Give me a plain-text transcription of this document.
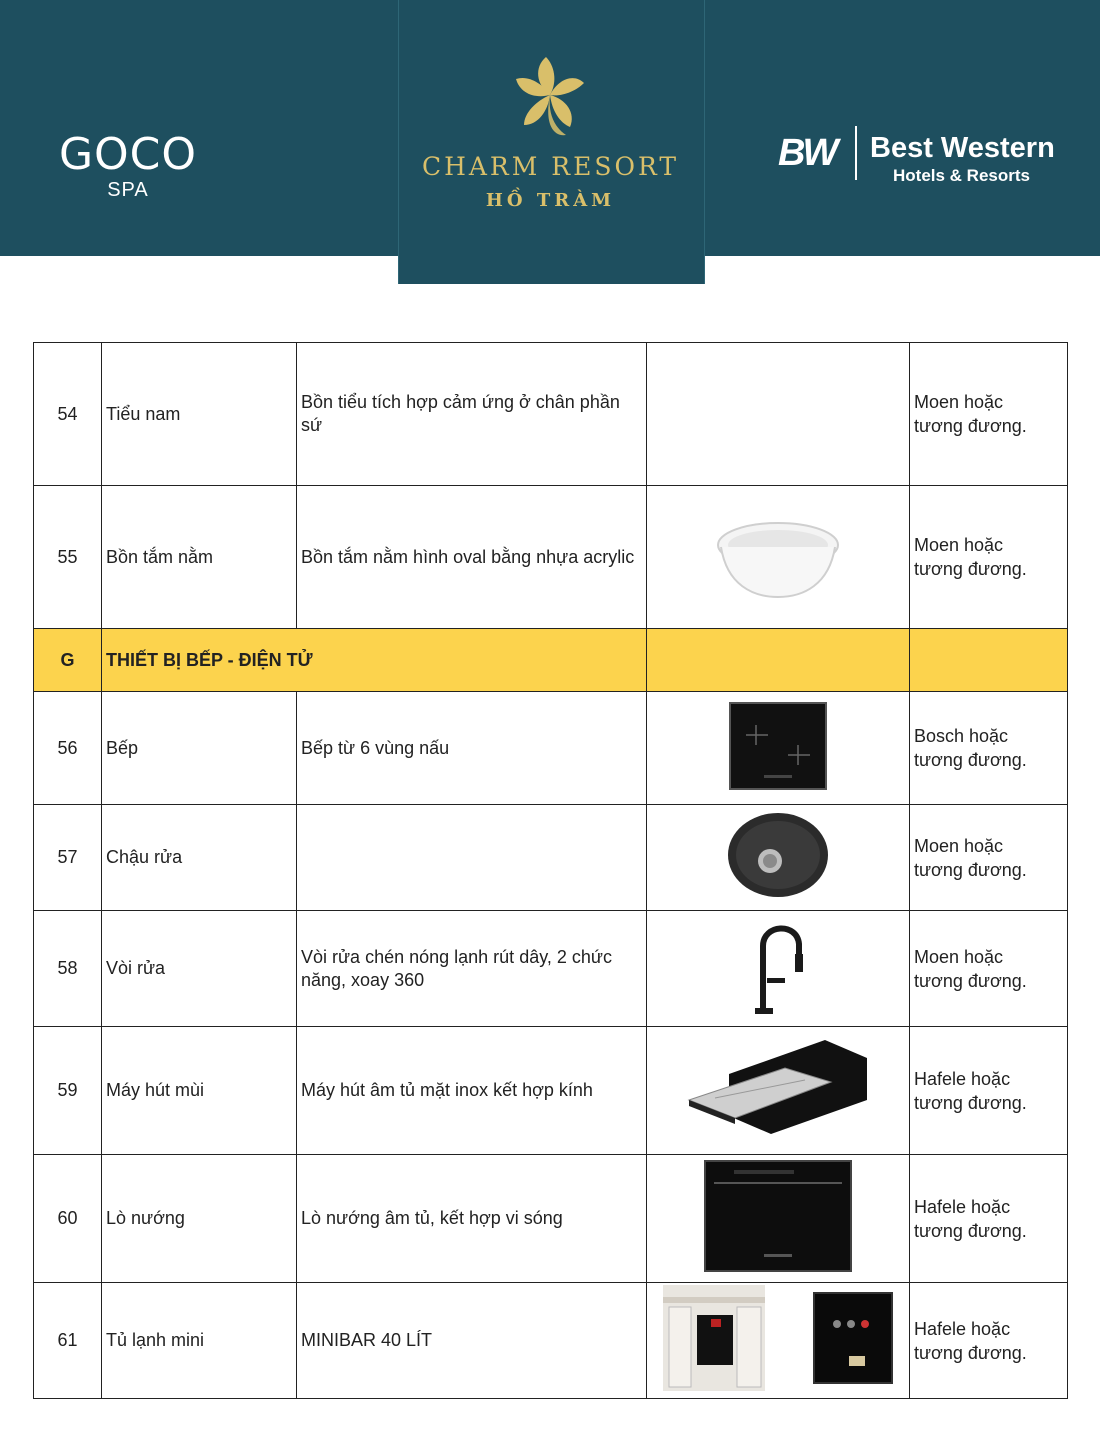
GOCO
SPA
CHARM RESORT
HỒ TRÀM
BW Best Western
Hotels & Resorts
54	Tiểu nam	Bồn tiểu tích hợp cảm ứng ở chân phần sứ		Moen hoặc
tương đương.

55	Bồn tắm nằm	Bồn tắm nằm hình oval bằng nhựa acrylic		Moen hoặc
tương đương.

G	THIẾT BỊ BẾP - ĐIỆN TỬ			
56	Bếp	Bếp từ 6 vùng nấu		Bosch hoặc
tương đương.

57	Chậu rửa			Moen hoặc
tương đương.

58	Vòi rửa	Vòi rửa chén nóng lạnh rút dây, 2 chức năng, xoay 360		Moen hoặc
tương đương.

59	Máy hút mùi	Máy hút âm tủ mặt inox kết hợp kính		Hafele hoặc
tương đương.

60	Lò nướng	Lò nướng âm tủ, kết hợp vi sóng		Hafele hoặc
tương đương.

61	Tủ lạnh mini	MINIBAR 40 LÍT		Hafele hoặc
tương đương.
